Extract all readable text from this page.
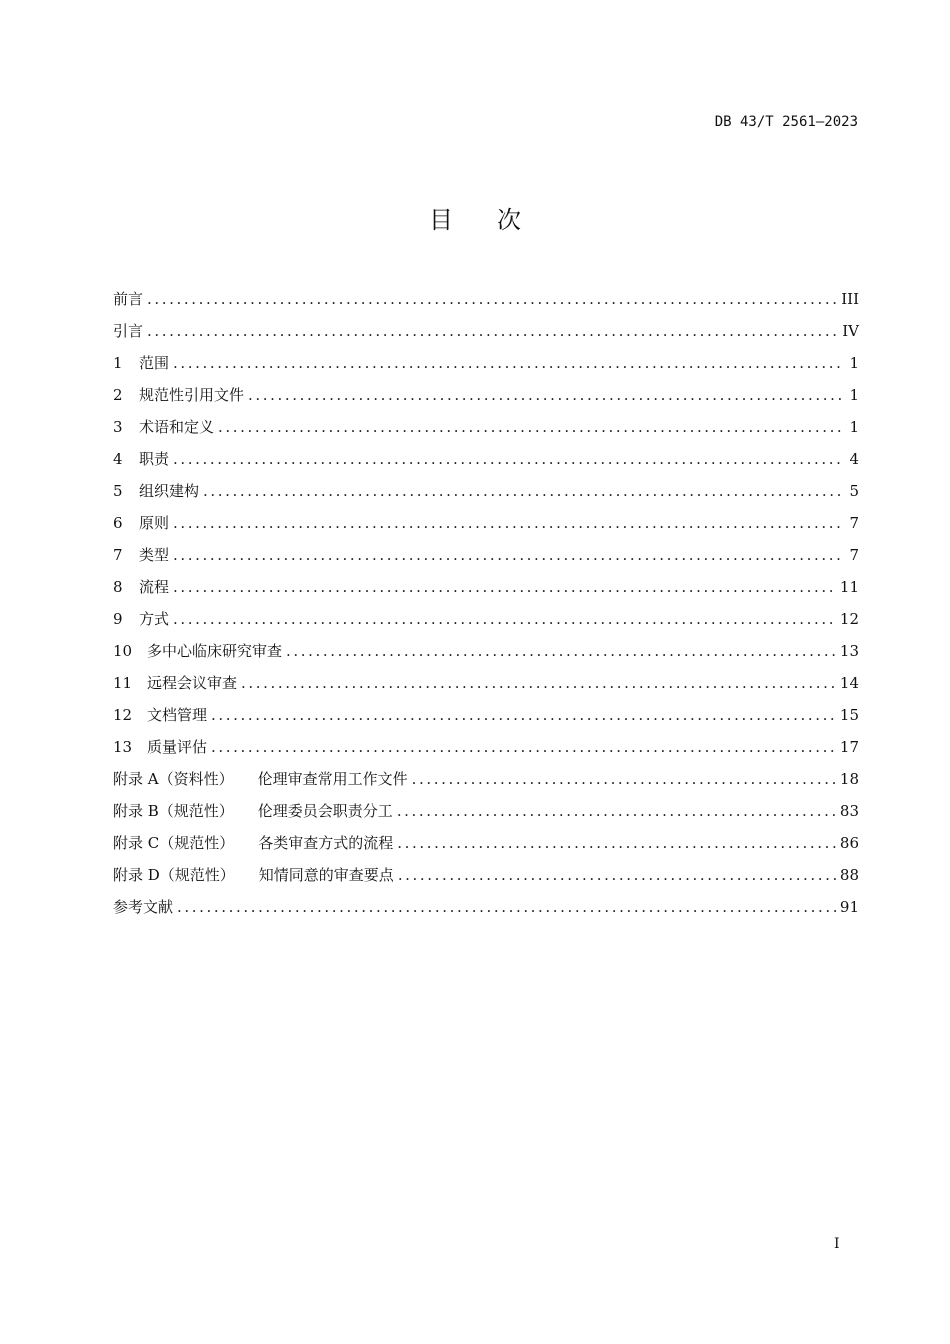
DB 43/T 2561—2023
目 次
前言 .....	III
引言 .....	IV
1	范围 .....	1
2	规范性引用文件 .....	1
3	术语和定义 .....	1
4	职责 .....	4
5	组织建构 .....	5
6	原则 .....	7
7	类型 .....	7
8	流程 .....	11
9	方式 .....	12
10 多中心临床研究审查 .....	13
11 远程会议审查 .....	14
12 文档管理 .....	15
13 质量评估 .....	17
附录 A（资料性） 伦理审查常用工作文件 .....	18
附录 B（规范性） 伦理委员会职责分工 .....	83
附录 C（规范性） 各类审查方式的流程 .....	86
附录 D（规范性） 知情同意的审查要点 .....	88
参考文献 .....	91
I
